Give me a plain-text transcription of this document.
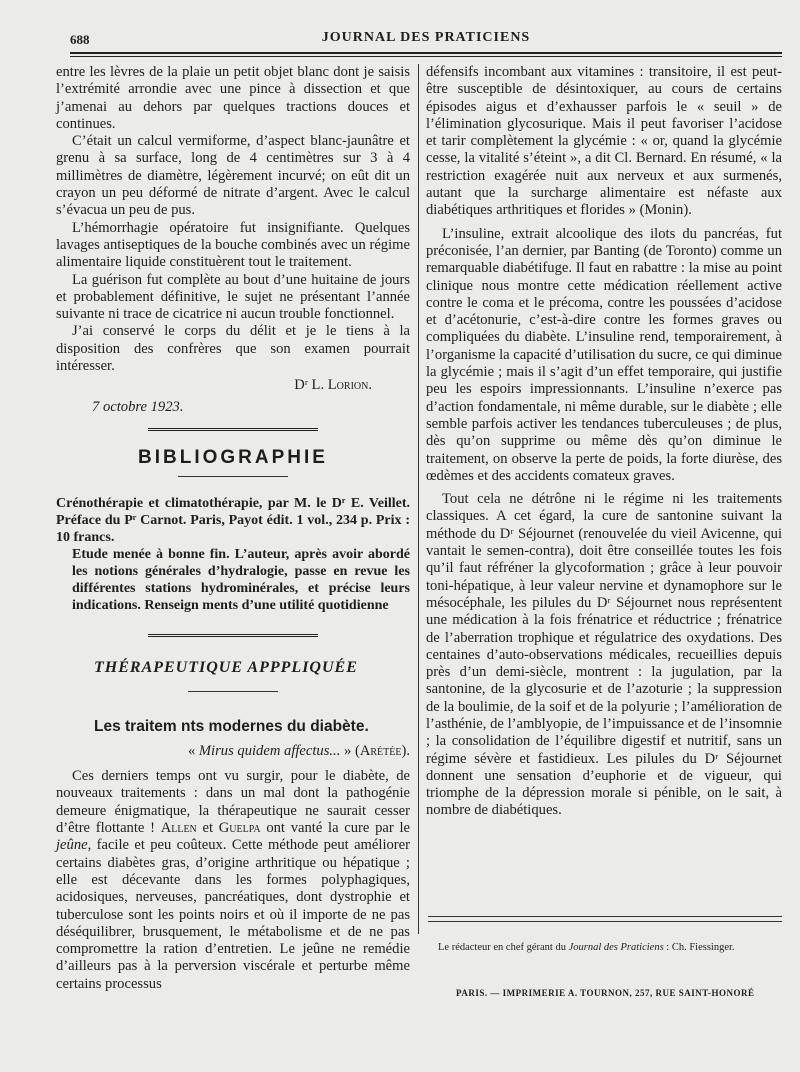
688	JOURNAL DES PRATICIENS

entre les lèvres de la plaie un petit objet blanc dont je saisis l’extrémité arrondie avec une pince à dissection et que j’amenai au dehors par quelques tractions douces et continues.

C’était un calcul vermiforme, d’aspect blanc-jaunâtre et grenu à sa surface, long de 4 centimètres sur 3 à 4 millimètres de diamètre, légèrement incurvé; on eût dit un crayon un peu déformé de nitrate d’argent. Avec le calcul s’évacua un peu de pus.

L’hémorrhagie opératoire fut insignifiante. Quelques lavages antiseptiques de la bouche combinés avec un régime alimentaire liquide constituèrent tout le traitement.

La guérison fut complète au bout d’une huitaine de jours et probablement définitive, le sujet ne présentant l’année suivante ni trace de cicatrice ni aucun trouble fonctionnel.

J’ai conservé le corps du délit et je le tiens à la disposition des confrères que son examen pourrait intéresser.

Dʳ L. Lorion.
7 octobre 1923.
BIBLIOGRAPHIE

Crénothérapie et climatothérapie, par M. le Dʳ E. Veillet. Préface du Pʳ Carnot. Paris, Payot édit. 1 vol., 234 p. Prix : 10 francs.

Etude menée à bonne fin. L’auteur, après avoir abordé les notions générales d’hydralogie, passe en revue les différentes stations hydrominérales, et précise leurs indications. Renseign ments d’une utilité quotidienne

THÉRAPEUTIQUE APPPLIQUÉE
Les traitem nts modernes du diabète.
« Mirus quidem affectus... » (Arétée).

Ces derniers temps ont vu surgir, pour le diabète, de nouveaux traitements : dans un mal dont la pathogénie demeure énigmatique, la thérapeutique ne saurait cesser d’être flottante ! Allen et Guelpa ont vanté la cure par le jeûne, facile et peu coûteux. Cette méthode peut améliorer certains diabètes gras, d’origine arthritique ou hépatique ; elle est décevante dans les formes polyphagiques, acidosiques, nerveuses, pancréatiques, dont dystrophie et tuberculose sont les points noirs et où il importe de ne pas déséquilibrer, brusquement, le métabolisme et de ne pas compromettre la ration d’entretien. Le jeûne ne remédie d’ailleurs pas à la perversion viscérale et perturbe même certains processus

défensifs incombant aux vitamines : transitoire, il est peut-être susceptible de désintoxiquer, au cours de certains épisodes aigus et d’exhausser parfois le « seuil » de l’élimination glycosurique. Mais il peut favoriser l’acidose et tarir complètement la glycémie : « or, quand la glycémie cesse, la vitalité s’éteint », a dit Cl. Bernard. En résumé, « la restriction exagérée nuit aux nerveux et aux surmenés, autant que la surcharge alimentaire est néfaste aux diabétiques arthritiques et florides » (Monin).

L’insuline, extrait alcoolique des ilots du pancréas, fut préconisée, l’an dernier, par Banting (de Toronto) comme un remarquable diabétifuge. Il faut en rabattre : la mise au point clinique nous montre cette médication réellement active contre le coma et le précoma, contre les poussées d’acidose et d’acétonurie, c’est-à-dire contre les formes graves ou compliquées du diabète. L’insuline rend, temporairement, à l’organisme la capacité d’utilisation du sucre, ce qui diminue la glycémie ; mais il s’agit d’un effet temporaire, qui justifie peu les espoirs impressionnants. L’insuline n’exerce pas d’action fondamentale, ni même durable, sur le diabète ; elle semble parfois activer les tendances tuberculeuses ; de plus, dès qu’on supprime ou même dès qu’on diminue le traitement, on observe la perte de poids, la forte diurèse, des œdèmes et des accidents comateux graves.

Tout cela ne détrône ni le régime ni les traitements classiques. A cet égard, la cure de santonine suivant la méthode du Dʳ Séjournet (renouvelée du vieil Avicenne, qui vantait le semen-contra), doit être conseillée toutes les fois qu’il faut réfréner la glycoformation ; grâce à leur pouvoir toni-hépatique, à leur valeur nervine et dynamophore sur le mésocéphale, les pilules du Dʳ Séjournet nous représentent une médication à la fois frénatrice et réductrice ; frénatrice de l’aberration trophique et régulatrice des oxydations. Des centaines d’auto-observations médicales, recueillies depuis près d’un demi-siècle, montrent : la jugulation, par la santonine, de la glycosurie et de l’azoturie ; la suppression de la boulimie, de la soif et de la polyurie ; l’amélioration de l’asthénie, de l’amblyopie, de l’impuissance et de l’insomnie ; la consolidation de l’équilibre digestif et nutritif, sans un régime sévère et fastidieux. Les pilules du Dʳ Séjournet donnent une sensation d’euphorie et de vigueur, qui triomphe de la dépression morale si pénible, on le sait, à nombre de diabétiques.

Le rédacteur en chef gérant du Journal des Praticiens : Ch. Fiessinger.
PARIS. — IMPRIMERIE A. TOURNON, 257, RUE SAINT-HONORÉ
